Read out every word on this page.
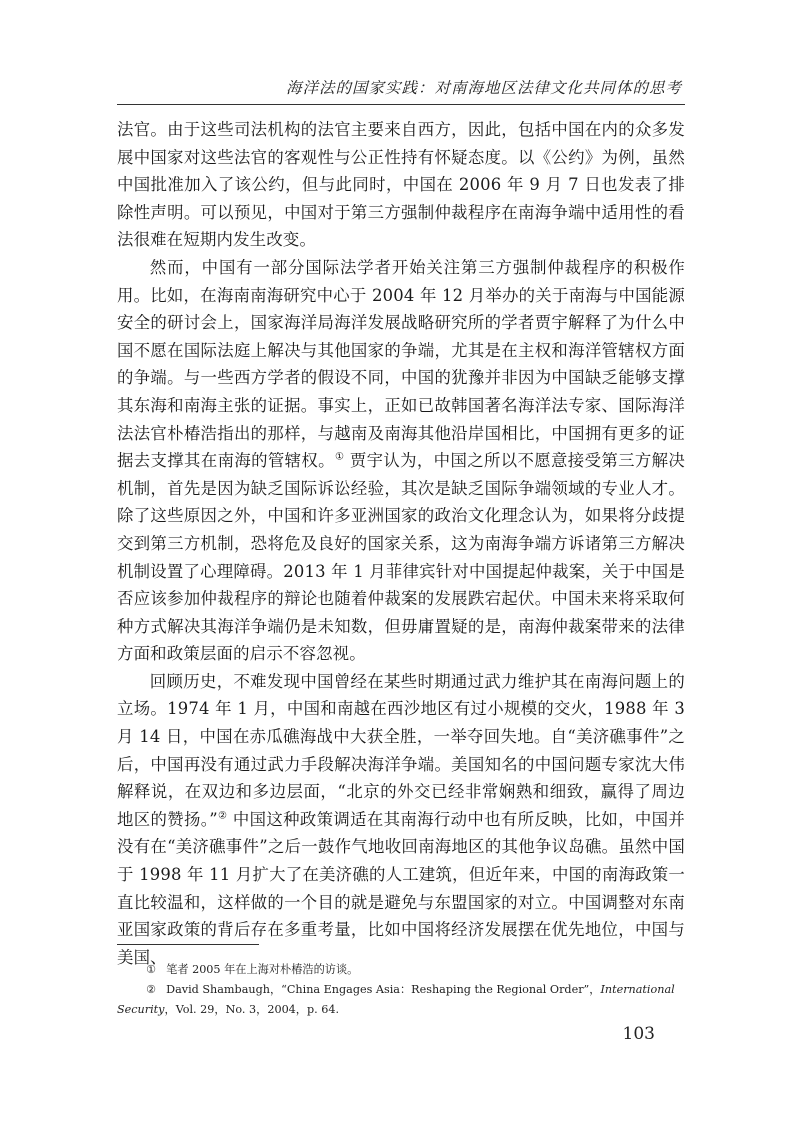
海洋法的国家实践：对南海地区法律文化共同体的思考

法官。由于这些司法机构的法官主要来自西方，因此，包括中国在内的众多发展中国家对这些法官的客观性与公正性持有怀疑态度。以《公约》为例，虽然中国批准加入了该公约，但与此同时，中国在 2006 年 9 月 7 日也发表了排除性声明。可以预见，中国对于第三方强制仲裁程序在南海争端中适用性的看法很难在短期内发生改变。

然而，中国有一部分国际法学者开始关注第三方强制仲裁程序的积极作用。比如，在海南南海研究中心于 2004 年 12 月举办的关于南海与中国能源安全的研讨会上，国家海洋局海洋发展战略研究所的学者贾宇解释了为什么中国不愿在国际法庭上解决与其他国家的争端，尤其是在主权和海洋管辖权方面的争端。与一些西方学者的假设不同，中国的犹豫并非因为中国缺乏能够支撑其东海和南海主张的证据。事实上，正如已故韩国著名海洋法专家、国际海洋法法官朴椿浩指出的那样，与越南及南海其他沿岸国相比，中国拥有更多的证据去支撑其在南海的管辖权。① 贾宇认为，中国之所以不愿意接受第三方解决机制，首先是因为缺乏国际诉讼经验，其次是缺乏国际争端领域的专业人才。除了这些原因之外，中国和许多亚洲国家的政治文化理念认为，如果将分歧提交到第三方机制，恐将危及良好的国家关系，这为南海争端方诉诸第三方解决机制设置了心理障碍。2013 年 1 月菲律宾针对中国提起仲裁案，关于中国是否应该参加仲裁程序的辩论也随着仲裁案的发展跌宕起伏。中国未来将采取何种方式解决其海洋争端仍是未知数，但毋庸置疑的是，南海仲裁案带来的法律方面和政策层面的启示不容忽视。

回顾历史，不难发现中国曾经在某些时期通过武力维护其在南海问题上的立场。1974 年 1 月，中国和南越在西沙地区有过小规模的交火，1988 年 3 月 14 日，中国在赤瓜礁海战中大获全胜，一举夺回失地。自“美济礁事件”之后，中国再没有通过武力手段解决海洋争端。美国知名的中国问题专家沈大伟解释说，在双边和多边层面，“北京的外交已经非常娴熟和细致，赢得了周边地区的赞扬。”② 中国这种政策调适在其南海行动中也有所反映，比如，中国并没有在“美济礁事件”之后一鼓作气地收回南海地区的其他争议岛礁。虽然中国于 1998 年 11 月扩大了在美济礁的人工建筑，但近年来，中国的南海政策一直比较温和，这样做的一个目的就是避免与东盟国家的对立。中国调整对东南亚国家政策的背后存在多重考量，比如中国将经济发展摆在优先地位，中国与美国、

① 笔者 2005 年在上海对朴椿浩的访谈。

② David Shambaugh，“China Engages Asia：Reshaping the Regional Order”，International Security，Vol. 29，No. 3，2004，p. 64.

103
